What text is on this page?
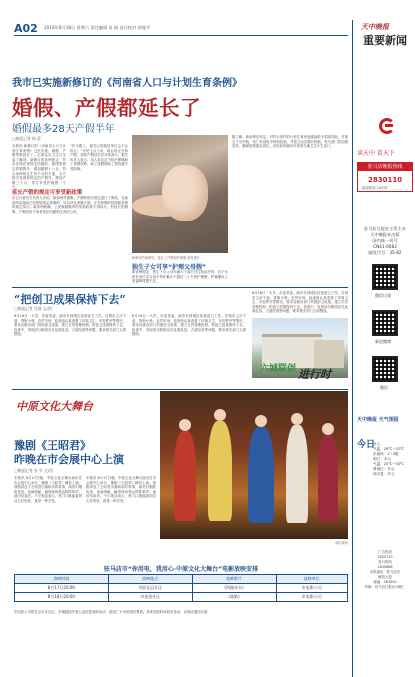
A02 2018年8月18日 星期六 责任编辑 易 丽 责任校对 郭俊平
我市已实施新修订的《河南省人口与计划生育条例》
婚假、产假都延长了
婚假最多28天产假半年
□晚报记者 杨 晨
本报讯 新修订的《河南省人口与计划生育条例》已经实施，婚假、产假等都延长了。记者从市卫生计生委了解到，新修订的条例规定，符合法律法规规定结婚的，除国家规定的婚假外，增加婚假十八日；符合条例规定生育子女的夫妻，女方除享受国家规定的产假外，增加产假三个月，男方享受护理假一个月。
“作为职工，最关心的就是单位会不会执行。”市民王女士说，她目前正在休产假，得知产假延长后非常高兴。相关负责人表示，用人单位应当依法保障职工休假权利，职工休假期间工资待遇不受影响。
延长产假的规定可享受新政策
市卫计委有关负责人介绍，新条例对婚假、产假的相关规定进行了修改，在新条例实施前已经按原规定休假的，可以补足差额天数；正在休假的按照新条例的规定执行。新条例明确，公民晚婚晚育的奖励政策不再执行，但延长的婚假、产假适用于所有依法结婚和生育的公民。
新修订的条例中，延长了产假和护理假 资料图片
独生子女可享“护理父母假”
新条例规定，独生子女父母年满六十周岁后住院治疗的，其子女所在单位应当给予每年累计不超过二十天的护理假，护理期间工资福利待遇不变。
据了解，新条例还规定，对符合条件的计划生育家庭继续给予奖励扶助，对独生子女伤残、死亡家庭给予特别扶助，并建立动态增长机制。有关部门将加强宣传，确保政策落实到位。市民如有疑问可咨询当地卫生计生部门。
“把创卫成果保持下去”
□晚报记者 肖静 文/图
8月16日一大早，市委常委、副市长到城区检查创卫工作。在城市主次干道、背街小巷、农贸市场，检查组认真查看了环境卫生、市容秩序等情况，要求各级各部门巩固创卫成果，建立长效管理机制，把创卫成果保持下去。检查中，发现部分路段存在乱堆乱放、占道经营等问题，要求相关部门立即整改。
8月16日一大早，市委常委、副市长到城区检查创卫工作。在城市主次干道、背街小巷、农贸市场，检查组认真查看了环境卫生、市容秩序等情况，要求各级各部门巩固创卫成果，建立长效管理机制，把创卫成果保持下去。检查中，发现部分路段存在乱堆乱放、占道经营等问题，要求相关部门立即整改。
8月16日一大早，市委常委、副市长到城区检查创卫工作。在城市主次干道、背街小巷、农贸市场，检查组认真查看了环境卫生、市容秩序等情况，要求各级各部门巩固创卫成果，建立长效管理机制，把创卫成果保持下去。检查中，发现部分路段存在乱堆乱放、占道经营等问题，要求相关部门立即整改。
六城联创 进行时
中原文化大舞台
豫剧《王昭君》
昨晚在市会展中心上演
□晚报记者 张 军 文/图
本报讯 8月17日晚，中原文化大舞台演出在市会展中心举行，豫剧《王昭君》精彩上演。该剧讲述了王昭君出塞和亲的故事，演员们唱腔优美、表演细腻，赢得现场观众阵阵掌声。演出结束后，不少观众表示，家门口就能看到这么好的戏，真是一种享受。
本报讯 8月17日晚，中原文化大舞台演出在市会展中心举行，豫剧《王昭君》精彩上演。该剧讲述了王昭君出塞和亲的故事，演员们唱腔优美、表演细腻，赢得现场观众阵阵掌声。演出结束后，不少观众表示，家门口就能看到这么好的戏，真是一种享受。
演出现场
驻马店市“你用电，我用心·中原文化大舞台”电影放映安排
放映时间	放映地点	放映影片	放映单位
8月17日20:00	市屏北辰社区	《四渡赤水》	市电影公司
8月18日20:00	市金顶社区	《战狼》	市电影公司
市电影公司将在全市各社区、乡镇陆续开展公益电影放映活动，欢迎广大市民届时观看。具体放映时间如有变动，以现场通知为准。
天中晚报
重要新闻
读天中 看天下
驻马店晚报热线
2830110
新闻热线 24小时
驻马店日报社主管主办
天中晚报社出版
国内统一刊号
CN41-0083
邮发代号：35-82
微信订阅
新浪微博
微信
天中晚报 天气预报
今日
多云
气温：26℃~32℃
东南风：2~3级
明日：多云
气温：25℃~33℃
驿城区：多云
西平县：多云
广告热线
2830110
发行热线
2830888
本报地址：驻马店市
解放大道
邮编：463000
印刷：驻马店日报社印刷厂
